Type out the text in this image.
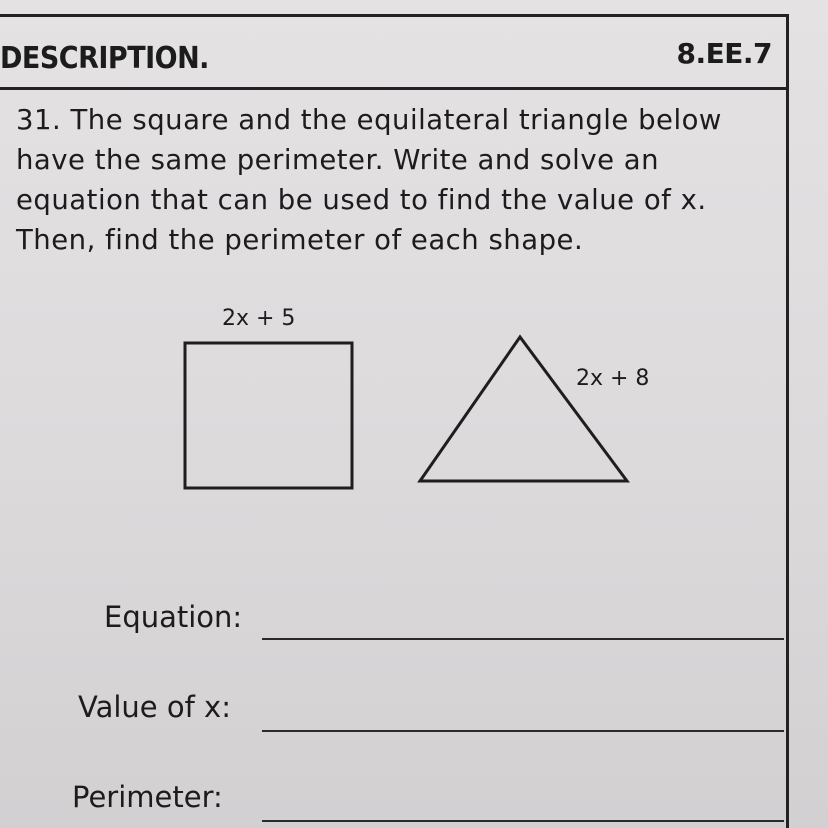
DESCRIPTION.	8.EE.7
31. The square and the equilateral triangle below have the same perimeter. Write and solve an equation that can be used to find the value of x. Then, find the perimeter of each shape.
2x + 5
2x + 8
Equation:
Value of x:
Perimeter:
